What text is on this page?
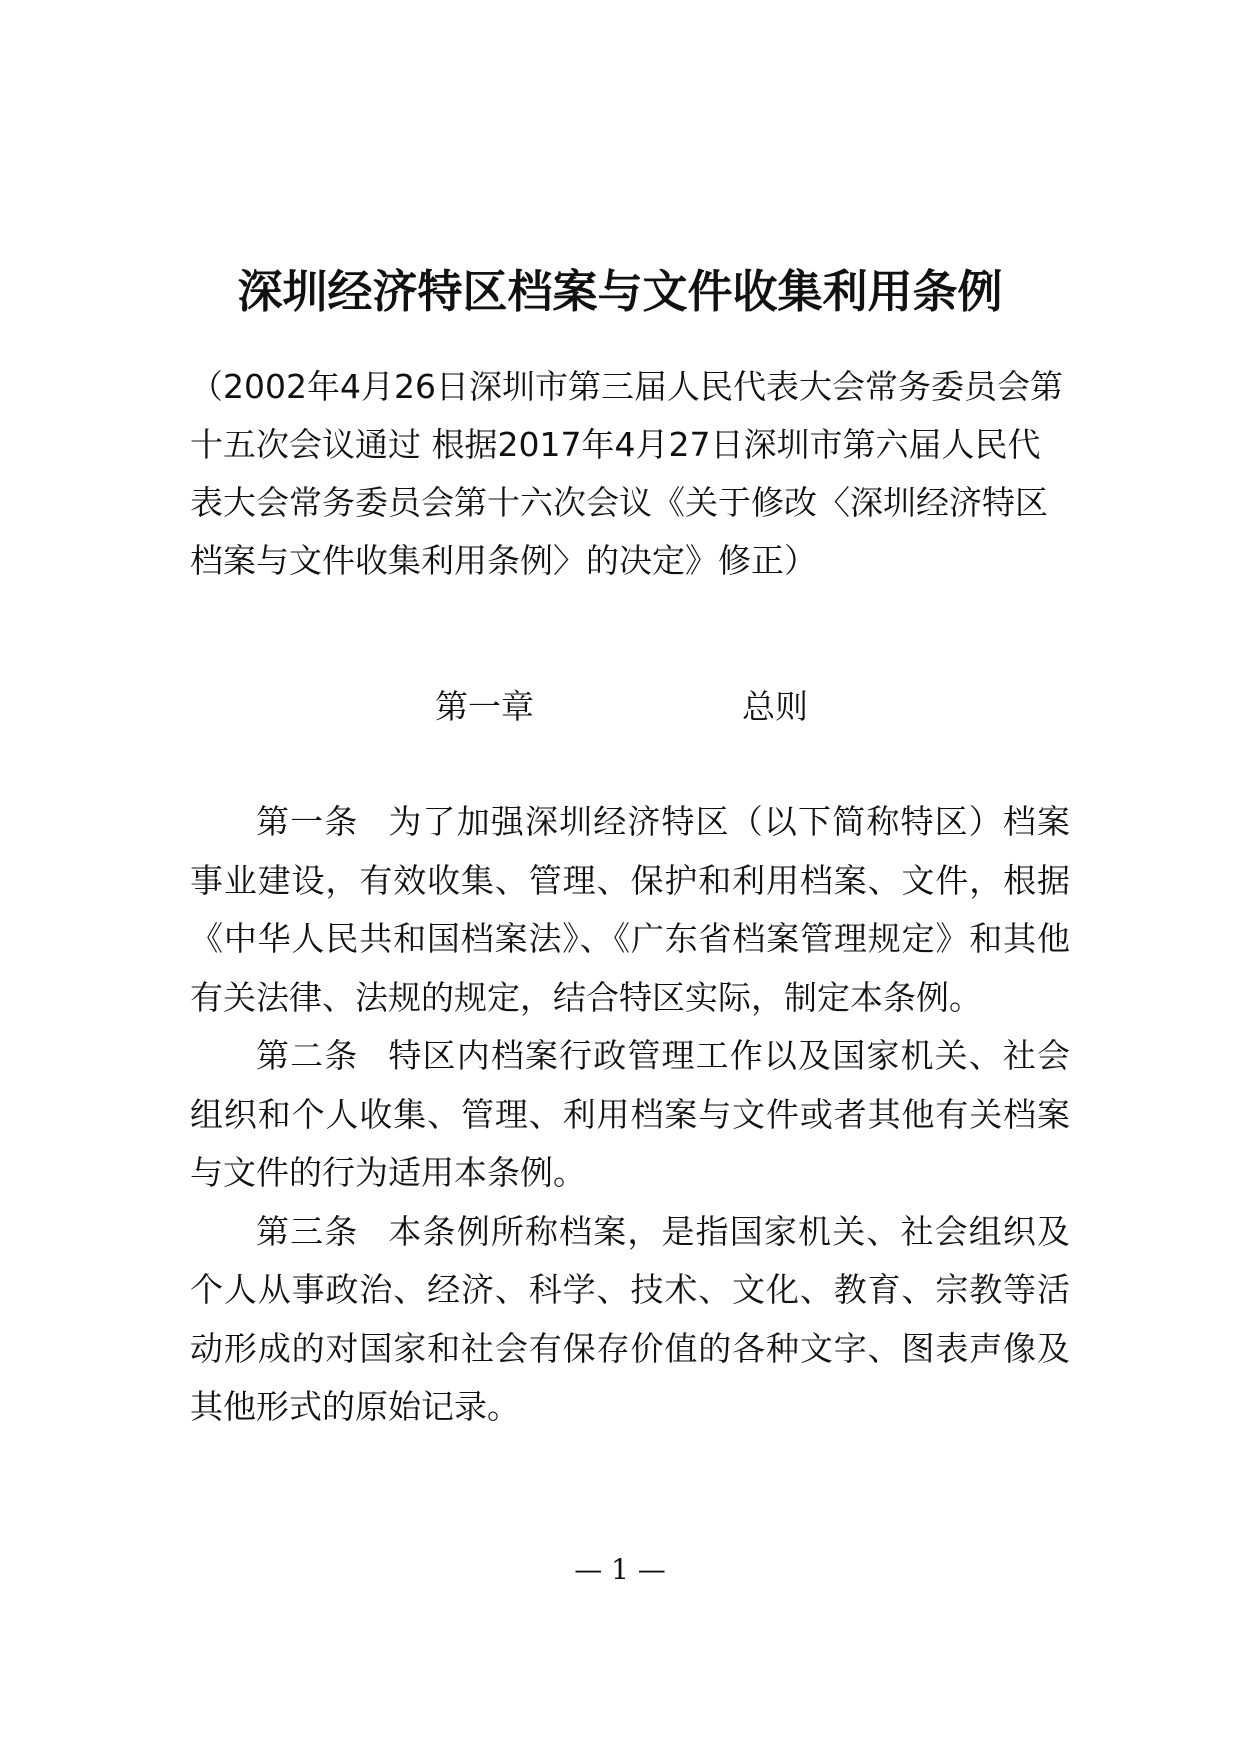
深圳经济特区档案与文件收集利用条例

（2002年4月26日深圳市第三届人民代表大会常务委员会第十五次会议通过 根据2017年4月27日深圳市第六届人民代表大会常务委员会第十六次会议《关于修改〈深圳经济特区档案与文件收集利用条例〉的决定》修正）

第一章	总则

第一条 为了加强深圳经济特区（以下简称特区）档案事业建设，有效收集、管理、保护和利用档案、文件，根据《中华人民共和国档案法》、《广东省档案管理规定》和其他有关法律、法规的规定，结合特区实际，制定本条例。

第二条 特区内档案行政管理工作以及国家机关、社会组织和个人收集、管理、利用档案与文件或者其他有关档案与文件的行为适用本条例。

第三条 本条例所称档案，是指国家机关、社会组织及个人从事政治、经济、科学、技术、文化、教育、宗教等活动形成的对国家和社会有保存价值的各种文字、图表声像及其他形式的原始记录。

— 1 —
